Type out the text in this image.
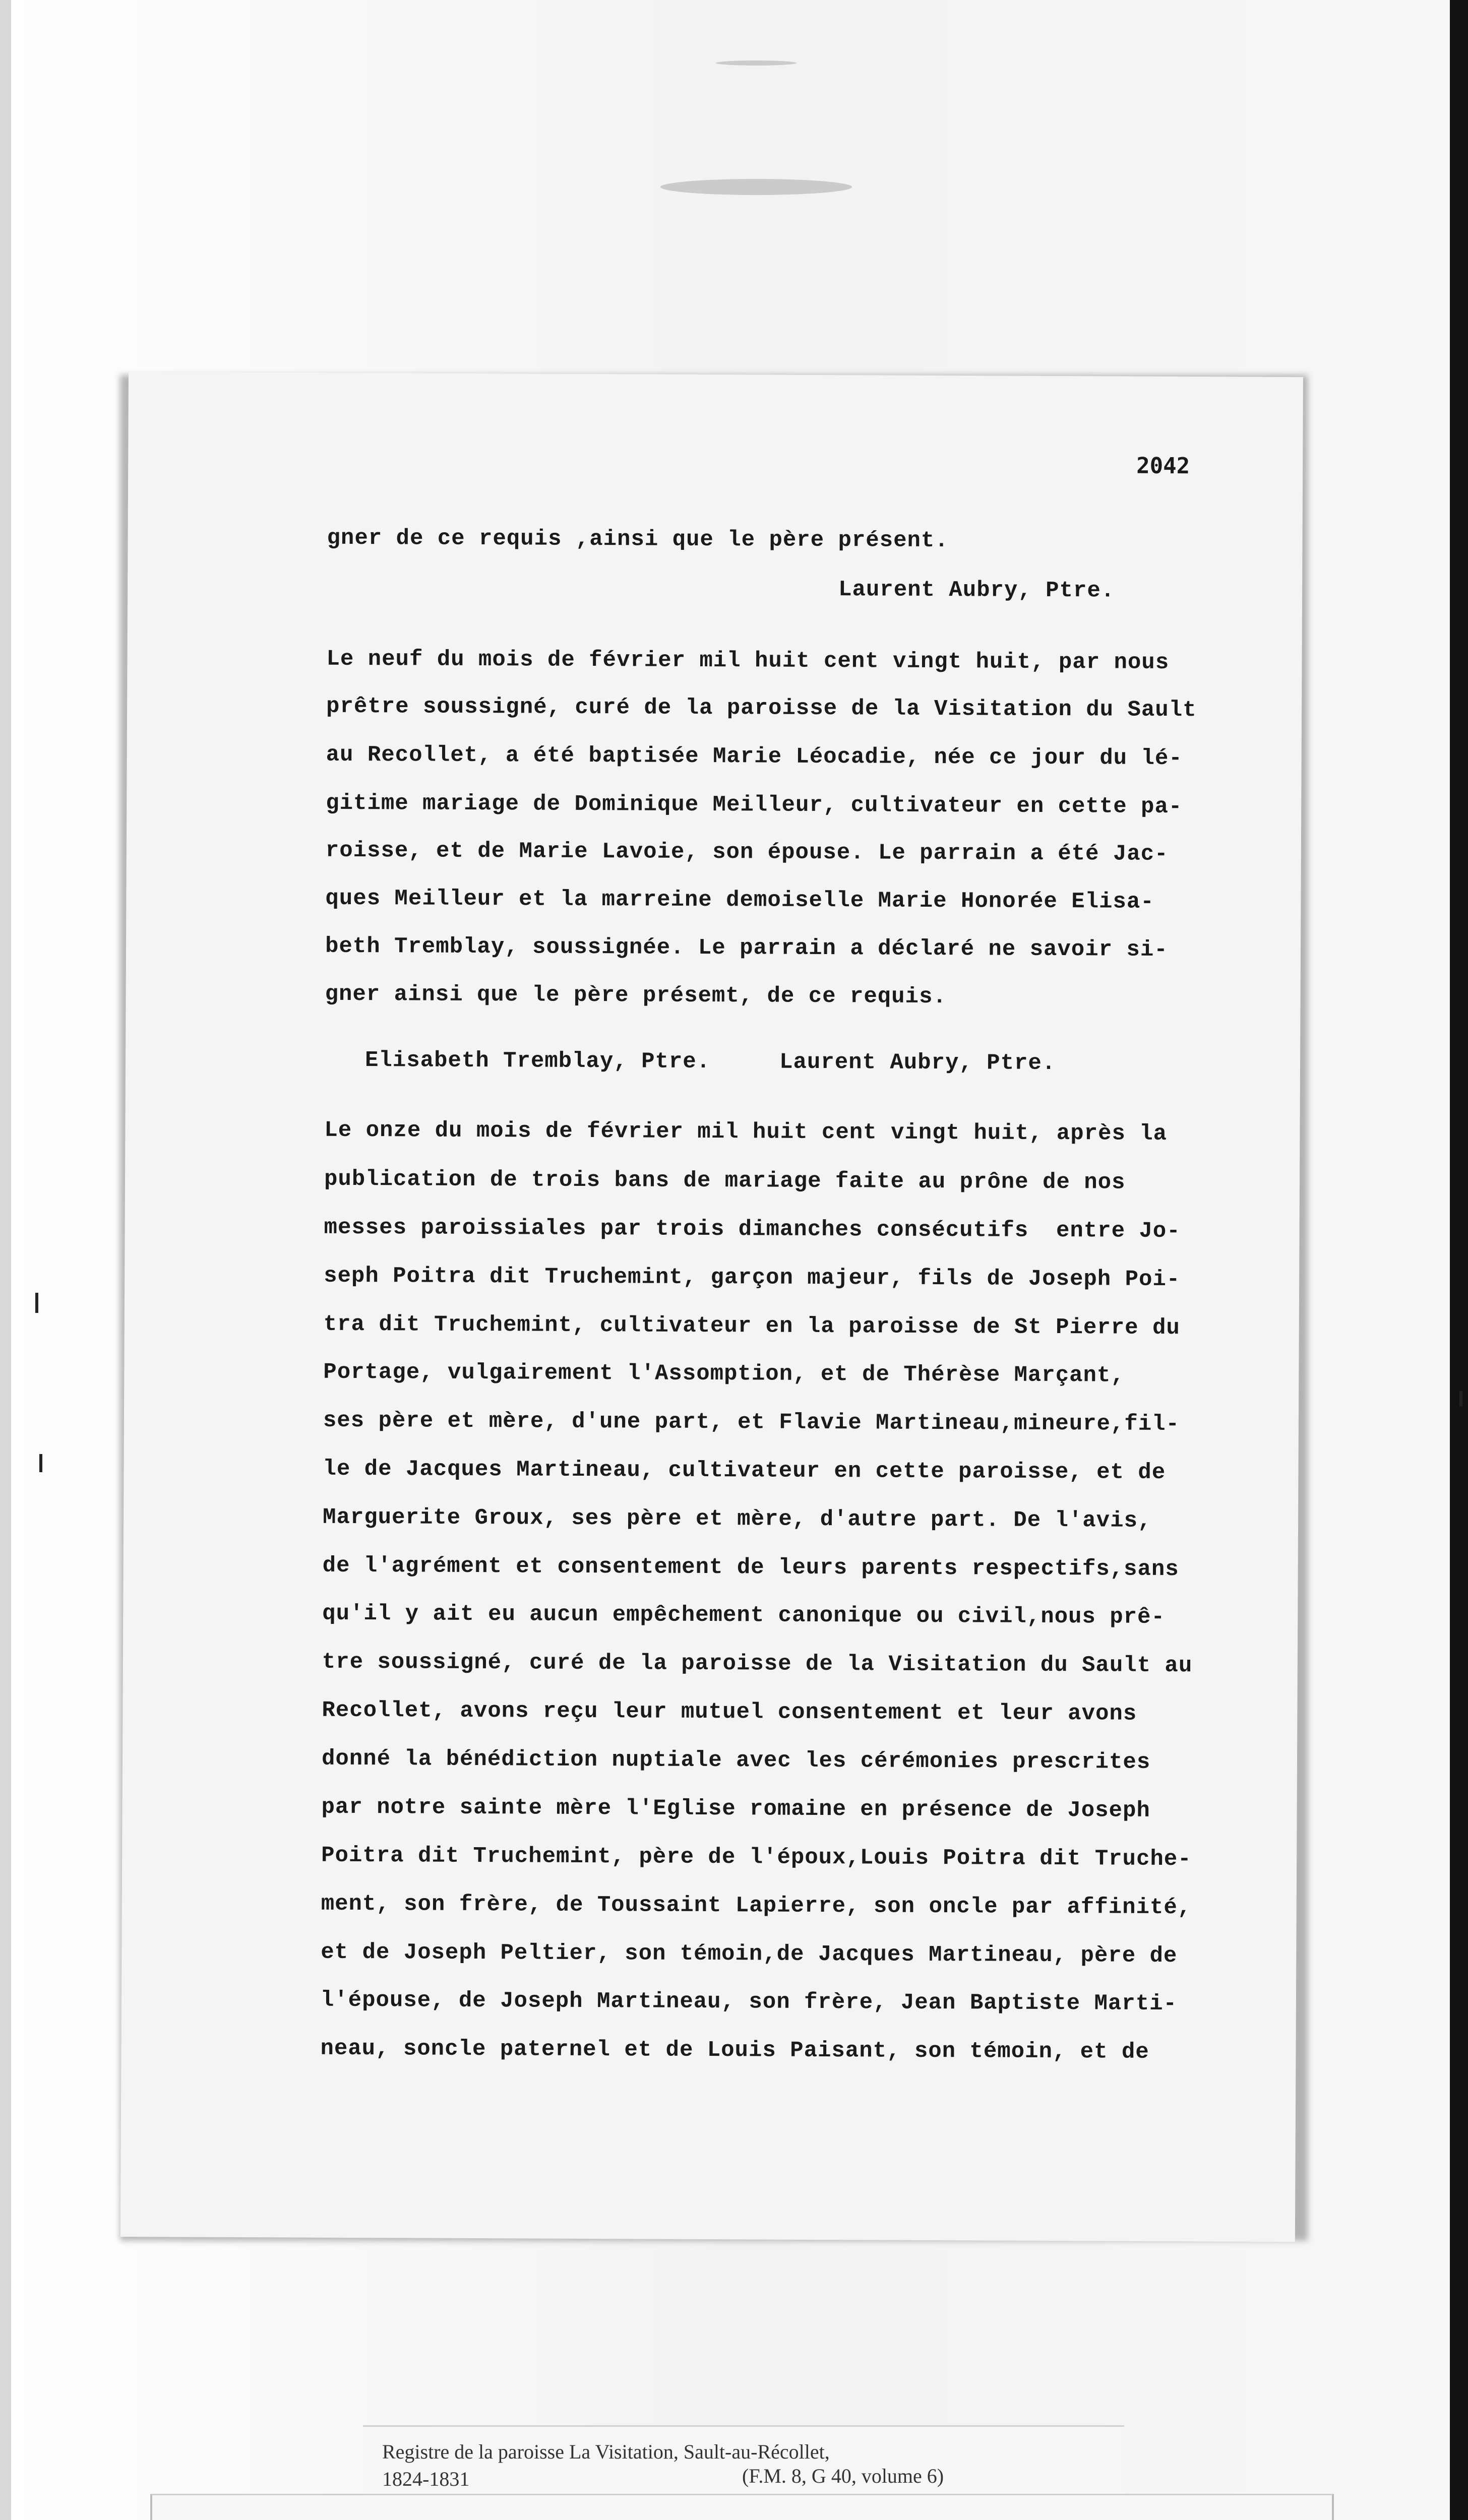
2042
gner de ce requis ,ainsi que le père présent.
Laurent Aubry, Ptre.
Le neuf du mois de février mil huit cent vingt huit, par nous
prêtre soussigné, curé de la paroisse de la Visitation du Sault
au Recollet, a été baptisée Marie Léocadie, née ce jour du lé-
gitime mariage de Dominique Meilleur, cultivateur en cette pa-
roisse, et de Marie Lavoie, son épouse. Le parrain a été Jac-
ques Meilleur et la marreine demoiselle Marie Honorée Elisa-
beth Tremblay, soussignée. Le parrain a déclaré ne savoir si-
gner ainsi que le père présemt, de ce requis.
Elisabeth Tremblay, Ptre.     Laurent Aubry, Ptre.
Le onze du mois de février mil huit cent vingt huit, après la
publication de trois bans de mariage faite au prône de nos
messes paroissiales par trois dimanches consécutifs  entre Jo-
seph Poitra dit Truchemint, garçon majeur, fils de Joseph Poi-
tra dit Truchemint, cultivateur en la paroisse de St Pierre du
Portage, vulgairement l'Assomption, et de Thérèse Marçant,
ses père et mère, d'une part, et Flavie Martineau,mineure,fil-
le de Jacques Martineau, cultivateur en cette paroisse, et de
Marguerite Groux, ses père et mère, d'autre part. De l'avis,
de l'agrément et consentement de leurs parents respectifs,sans
qu'il y ait eu aucun empêchement canonique ou civil,nous prê-
tre soussigné, curé de la paroisse de la Visitation du Sault au
Recollet, avons reçu leur mutuel consentement et leur avons
donné la bénédiction nuptiale avec les cérémonies prescrites
par notre sainte mère l'Eglise romaine en présence de Joseph
Poitra dit Truchemint, père de l'époux,Louis Poitra dit Truche-
ment, son frère, de Toussaint Lapierre, son oncle par affinité,
et de Joseph Peltier, son témoin,de Jacques Martineau, père de
l'épouse, de Joseph Martineau, son frère, Jean Baptiste Marti-
neau, soncle paternel et de Louis Paisant, son témoin, et de
Registre de la paroisse La Visitation, Sault-au-Récollet,
1824-1831	(F.M. 8, G 40, volume 6)
